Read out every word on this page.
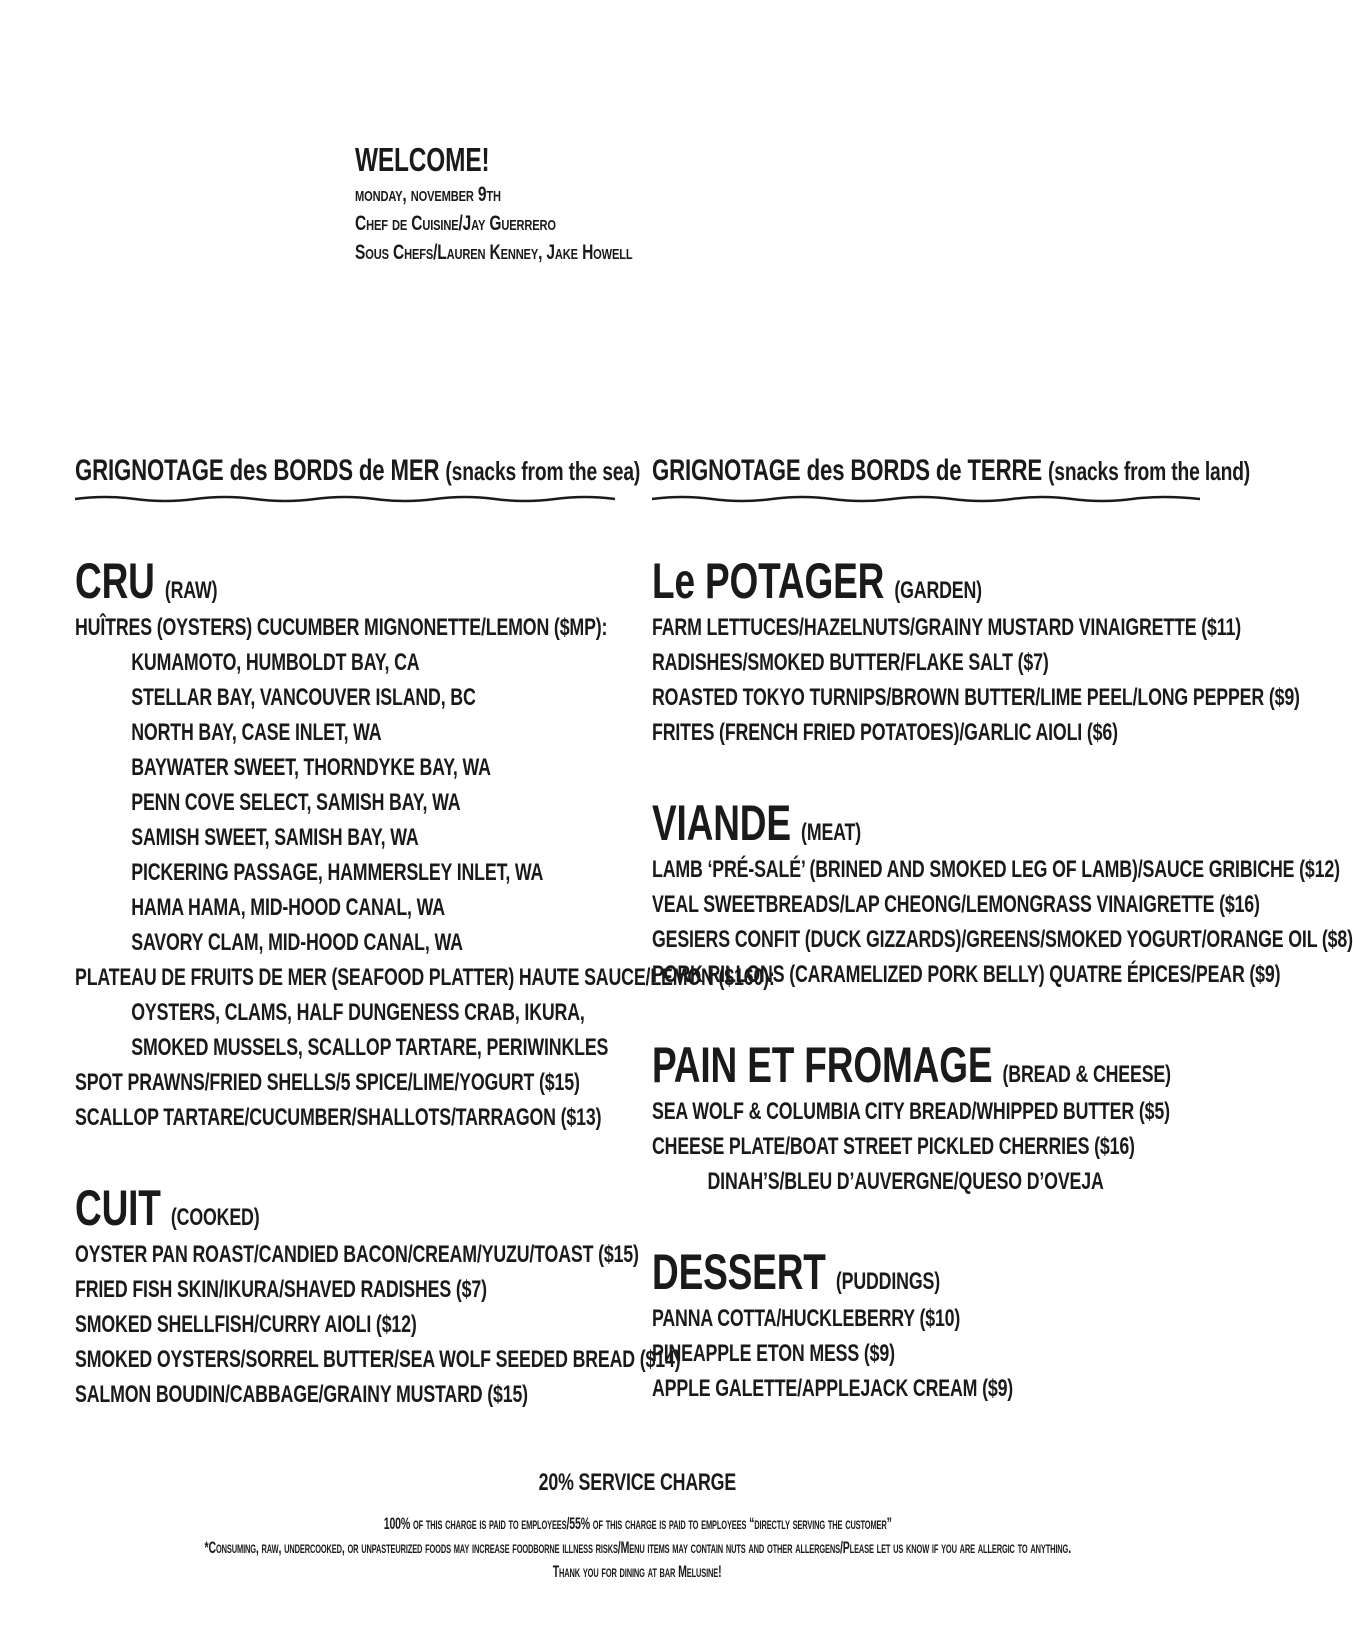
WELCOME!
monday, november 9th
Chef de Cuisine/Jay Guerrero
Sous Chefs/Lauren Kenney, Jake Howell
GRIGNOTAGE des BORDS de MER (snacks from the sea)
CRU (RAW)
HUÎTRES (OYSTERS) CUCUMBER MIGNONETTE/LEMON ($MP):
KUMAMOTO, HUMBOLDT BAY, CA
STELLAR BAY, VANCOUVER ISLAND, BC
NORTH BAY, CASE INLET, WA
BAYWATER SWEET, THORNDYKE BAY, WA
PENN COVE SELECT, SAMISH BAY, WA
SAMISH SWEET, SAMISH BAY, WA
PICKERING PASSAGE, HAMMERSLEY INLET, WA
HAMA HAMA, MID-HOOD CANAL, WA
SAVORY CLAM, MID-HOOD CANAL, WA
PLATEAU DE FRUITS DE MER (SEAFOOD PLATTER) HAUTE SAUCE/LEMON ($160):
OYSTERS, CLAMS, HALF DUNGENESS CRAB, IKURA,
SMOKED MUSSELS, SCALLOP TARTARE, PERIWINKLES
SPOT PRAWNS/FRIED SHELLS/5 SPICE/LIME/YOGURT ($15)
SCALLOP TARTARE/CUCUMBER/SHALLOTS/TARRAGON ($13)
CUIT (COOKED)
OYSTER PAN ROAST/CANDIED BACON/CREAM/YUZU/TOAST ($15)
FRIED FISH SKIN/IKURA/SHAVED RADISHES ($7)
SMOKED SHELLFISH/CURRY AIOLI ($12)
SMOKED OYSTERS/SORREL BUTTER/SEA WOLF SEEDED BREAD ($14)
SALMON BOUDIN/CABBAGE/GRAINY MUSTARD ($15)
GRIGNOTAGE des BORDS de TERRE (snacks from the land)
Le POTAGER (GARDEN)
FARM LETTUCES/HAZELNUTS/GRAINY MUSTARD VINAIGRETTE ($11)
RADISHES/SMOKED BUTTER/FLAKE SALT ($7)
ROASTED TOKYO TURNIPS/BROWN BUTTER/LIME PEEL/LONG PEPPER ($9)
FRITES (FRENCH FRIED POTATOES)/GARLIC AIOLI ($6)
VIANDE (MEAT)
LAMB ‘PRÉ-SALÉ’ (BRINED AND SMOKED LEG OF LAMB)/SAUCE GRIBICHE ($12)
VEAL SWEETBREADS/LAP CHEONG/LEMONGRASS VINAIGRETTE ($16)
GESIERS CONFIT (DUCK GIZZARDS)/GREENS/SMOKED YOGURT/ORANGE OIL ($8)
PORK RILLONS (CARAMELIZED PORK BELLY) QUATRE ÉPICES/PEAR ($9)
PAIN ET FROMAGE (BREAD & CHEESE)
SEA WOLF & COLUMBIA CITY BREAD/WHIPPED BUTTER ($5)
CHEESE PLATE/BOAT STREET PICKLED CHERRIES ($16)
DINAH’S/BLEU D’AUVERGNE/QUESO D’OVEJA
DESSERT (PUDDINGS)
PANNA COTTA/HUCKLEBERRY ($10)
PINEAPPLE ETON MESS ($9)
APPLE GALETTE/APPLEJACK CREAM ($9)
20% SERVICE CHARGE
100% of this charge is paid to employees/55% of this charge is paid to employees “directly serving the customer”
*Consuming, raw, undercooked, or unpasteurized foods may increase foodborne illness risks/Menu items may contain nuts and other allergens/Please let us know if you are allergic to anything.
Thank you for dining at bar Melusine!
